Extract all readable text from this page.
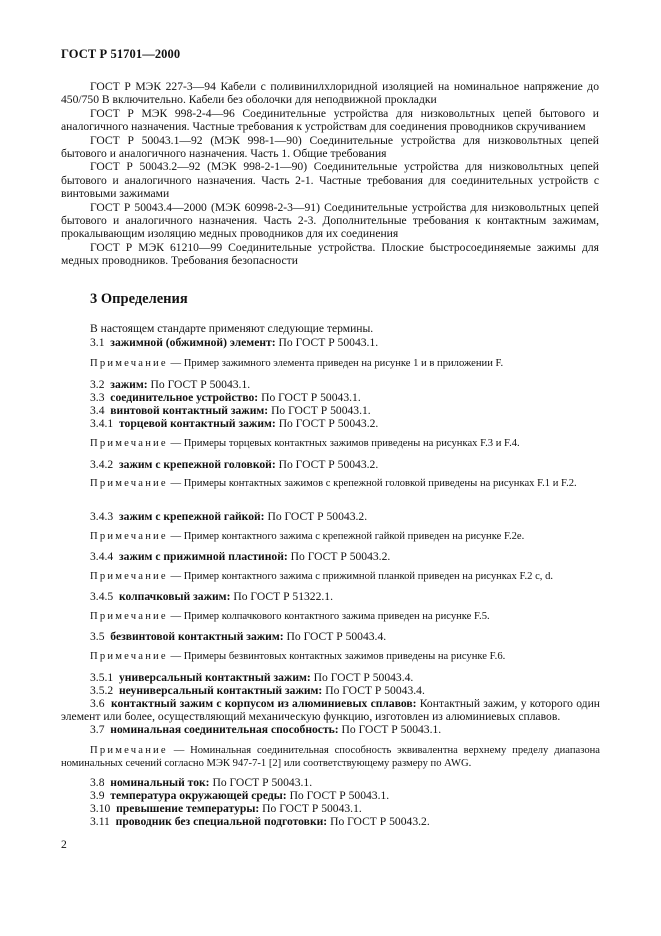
ГОСТ Р 51701—2000

ГОСТ Р МЭК 227-3—94 Кабели с поливинилхлоридной изоляцией на номинальное напряжение до 450/750 В включительно. Кабели без оболочки для неподвижной прокладки

ГОСТ Р МЭК 998-2-4—96 Соединительные устройства для низковольтных цепей бытового и аналогичного назначения. Частные требования к устройствам для соединения проводников скручиванием

ГОСТ Р 50043.1—92 (МЭК 998-1—90) Соединительные устройства для низковольтных цепей бытового и аналогичного назначения. Часть 1. Общие требования

ГОСТ Р 50043.2—92 (МЭК 998-2-1—90) Соединительные устройства для низковольтных цепей бытового и аналогичного назначения. Часть 2-1. Частные требования для соединительных устройств с винтовыми зажимами

ГОСТ Р 50043.4—2000 (МЭК 60998-2-3—91) Соединительные устройства для низковольтных цепей бытового и аналогичного назначения. Часть 2-3. Дополнительные требования к контактным зажимам, прокалывающим изоляцию медных проводников для их соединения

ГОСТ Р МЭК 61210—99 Соединительные устройства. Плоские быстросоединяемые зажимы для медных проводников. Требования безопасности

3 Определения
В настоящем стандарте применяют следующие термины.
3.1 зажимной (обжимной) элемент: По ГОСТ Р 50043.1.
Примечание — Пример зажимного элемента приведен на рисунке 1 и в приложении F.
3.2 зажим: По ГОСТ Р 50043.1.
3.3 соединительное устройство: По ГОСТ Р 50043.1.
3.4 винтовой контактный зажим: По ГОСТ Р 50043.1.
3.4.1 торцевой контактный зажим: По ГОСТ Р 50043.2.
Примечание — Примеры торцевых контактных зажимов приведены на рисунках F.3 и F.4.
3.4.2 зажим с крепежной головкой: По ГОСТ Р 50043.2.
Примечание — Примеры контактных зажимов с крепежной головкой приведены на рисунках F.1 и F.2.
3.4.3 зажим с крепежной гайкой: По ГОСТ Р 50043.2.
Примечание — Пример контактного зажима с крепежной гайкой приведен на рисунке F.2e.
3.4.4 зажим с прижимной пластиной: По ГОСТ Р 50043.2.
Примечание — Пример контактного зажима с прижимной планкой приведен на рисунках F.2 c, d.
3.4.5 колпачковый зажим: По ГОСТ Р 51322.1.
Примечание — Пример колпачкового контактного зажима приведен на рисунке F.5.
3.5 безвинтовой контактный зажим: По ГОСТ Р 50043.4.
Примечание — Примеры безвинтовых контактных зажимов приведены на рисунке F.6.
3.5.1 универсальный контактный зажим: По ГОСТ Р 50043.4.
3.5.2 неуниверсальный контактный зажим: По ГОСТ Р 50043.4.
3.6 контактный зажим с корпусом из алюминиевых сплавов: Контактный зажим, у которого один элемент или более, осуществляющий механическую функцию, изготовлен из алюминиевых сплавов.
3.7 номинальная соединительная способность: По ГОСТ Р 50043.1.
Примечание — Номинальная соединительная способность эквивалентна верхнему пределу диапазона номинальных сечений согласно МЭК 947-7-1 [2] или соответствующему размеру по AWG.
3.8 номинальный ток: По ГОСТ Р 50043.1.
3.9 температура окружающей среды: По ГОСТ Р 50043.1.
3.10 превышение температуры: По ГОСТ Р 50043.1.
3.11 проводник без специальной подготовки: По ГОСТ Р 50043.2.
2
